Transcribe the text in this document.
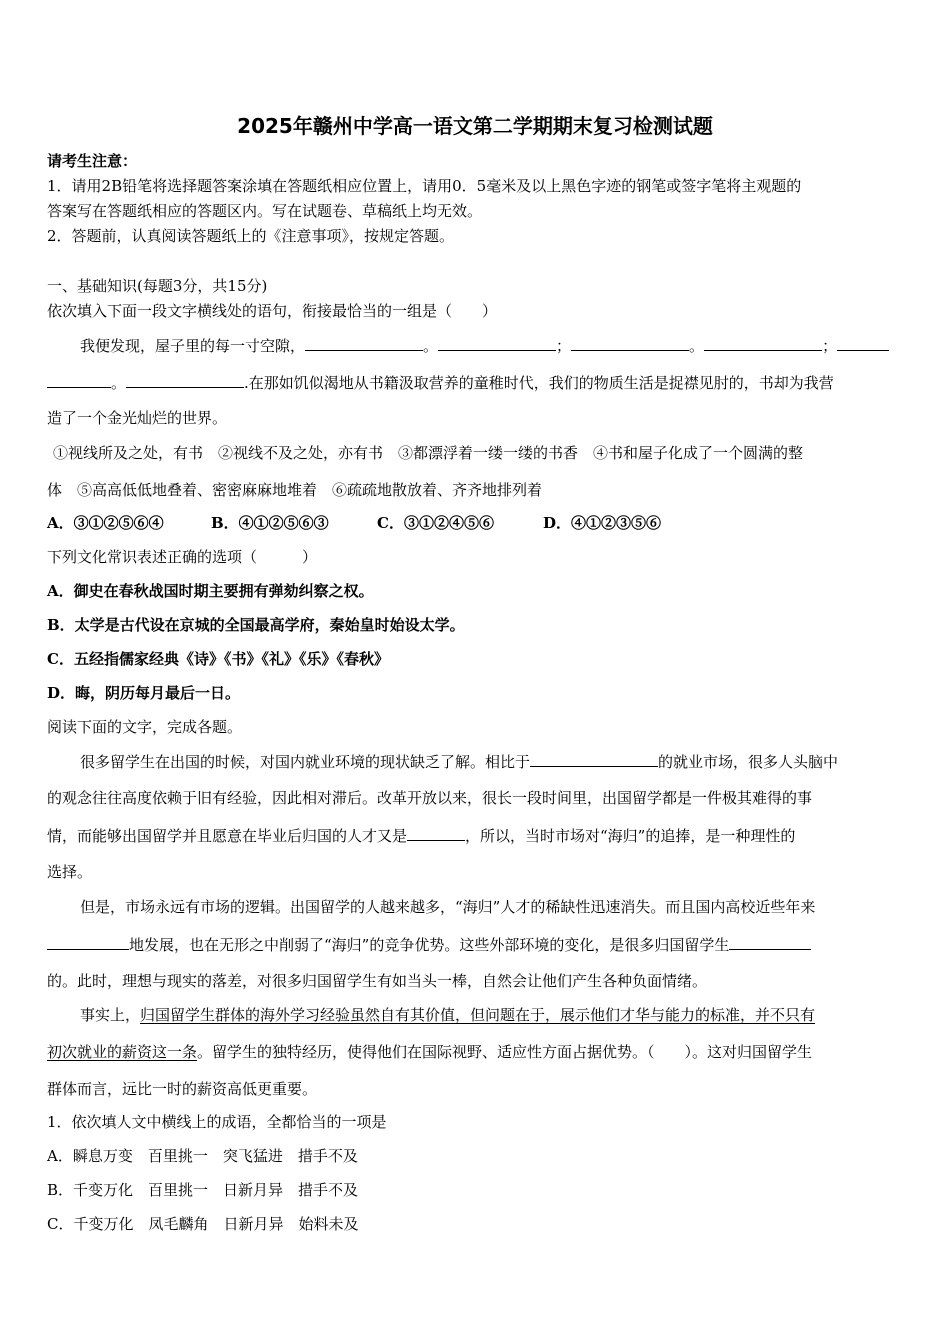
2025年赣州中学高一语文第二学期期末复习检测试题
请考生注意：
1．请用2B铅笔将选择题答案涂填在答题纸相应位置上，请用0．5毫米及以上黑色字迹的钢笔或签字笔将主观题的
答案写在答题纸相应的答题区内。写在试题卷、草稿纸上均无效。
2．答题前，认真阅读答题纸上的《注意事项》，按规定答题。
一、基础知识(每题3分，共15分)
依次填入下面一段文字横线处的语句，衔接最恰当的一组是（　　）
我便发现，屋子里的每一寸空隙，	。	；	。	；
。	.在那如饥似渴地从书籍汲取营养的童稚时代，我们的物质生活是捉襟见肘的，书却为我营
造了一个金光灿烂的世界。
①视线所及之处，有书　②视线不及之处，亦有书　③都漂浮着一缕一缕的书香　④书和屋子化成了一个圆满的整
体　⑤高高低低地叠着、密密麻麻地堆着　⑥疏疏地散放着、齐齐地排列着
A．③①②⑤⑥④	B．④①②⑤⑥③	C．③①②④⑤⑥	D．④①②③⑤⑥
下列文化常识表述正确的选项（　　　）
A．御史在春秋战国时期主要拥有弹劾纠察之权。
B．太学是古代设在京城的全国最高学府，秦始皇时始设太学。
C．五经指儒家经典《诗》《书》《礼》《乐》《春秋》
D．晦，阴历每月最后一日。
阅读下面的文字，完成各题。
很多留学生在出国的时候，对国内就业环境的现状缺乏了解。相比于	的就业市场，很多人头脑中
的观念往往高度依赖于旧有经验，因此相对滞后。改革开放以来，很长一段时间里，出国留学都是一件极其难得的事
情，而能够出国留学并且愿意在毕业后归国的人才又是	，所以，当时市场对“海归”的追捧，是一种理性的
选择。
但是，市场永远有市场的逻辑。出国留学的人越来越多，“海归”人才的稀缺性迅速消失。而且国内高校近些年来
地发展，也在无形之中削弱了“海归”的竞争优势。这些外部环境的变化，是很多归国留学生
的。此时，理想与现实的落差，对很多归国留学生有如当头一棒，自然会让他们产生各种负面情绪。
事实上，归国留学生群体的海外学习经验虽然自有其价值，但问题在于，展示他们才华与能力的标准，并不只有
初次就业的薪资这一条。留学生的独特经历，使得他们在国际视野、适应性方面占据优势。（　　）。这对归国留学生
群体而言，远比一时的薪资高低更重要。
1．依次填人文中横线上的成语，全都恰当的一项是
A．瞬息万变　百里挑一　突飞猛进　措手不及
B．千变万化　百里挑一　日新月异　措手不及
C．千变万化　凤毛麟角　日新月异　始料未及
